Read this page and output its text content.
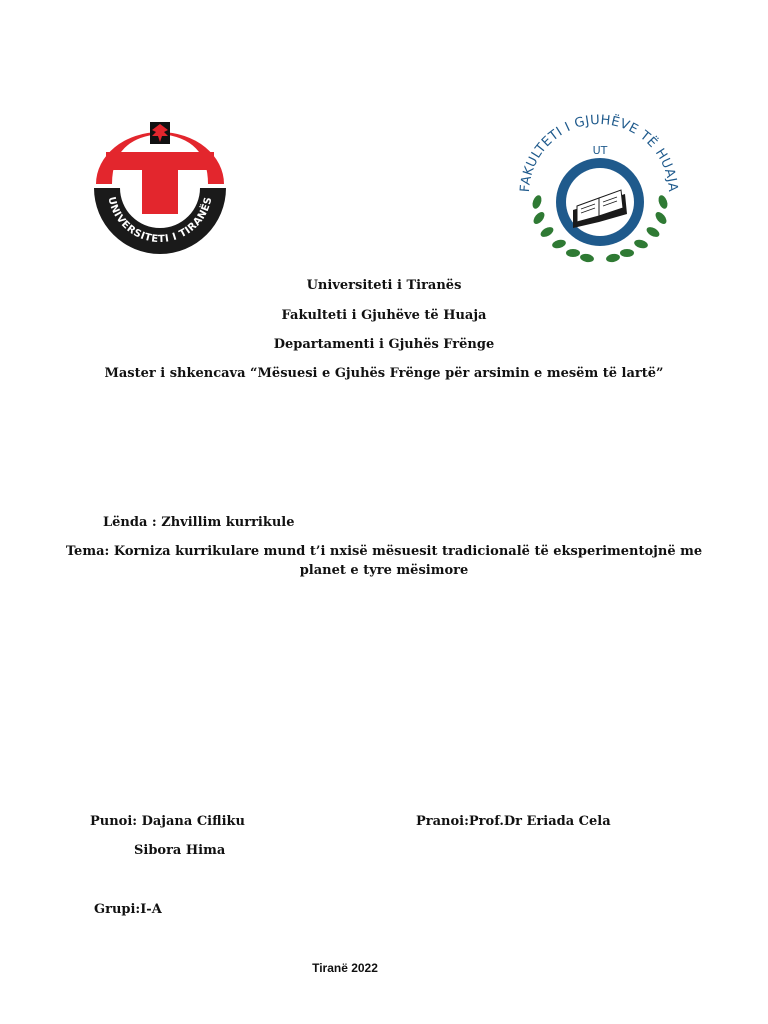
UNIVERSITETI I TIRANËS
FAKULTETI I GJUHËVE TË HUAJA
UT
Universiteti i Tiranës
Fakulteti i Gjuhëve të Huaja
Departamenti i Gjuhës Frënge
Master i shkencava “Mësuesi e Gjuhës Frënge për arsimin e mesëm të lartë”
Lënda : Zhvillim kurrikule
Tema: Korniza kurrikulare mund t’i nxisë mësuesit tradicionalë të eksperimentojnë me
planet e tyre mësimore
Punoi: Dajana Cifliku	Pranoi:Prof.Dr Eriada Cela
Sibora Hima
Grupi:I-A
Tiranë 2022
